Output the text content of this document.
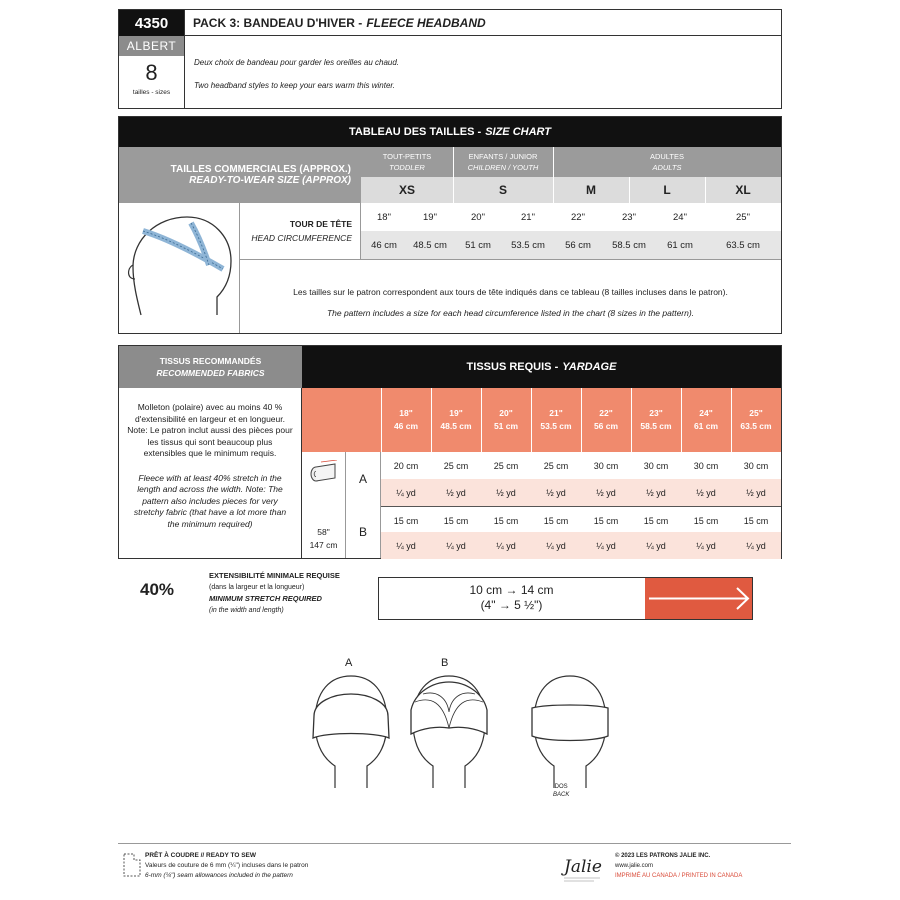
4350
ALBERT
8
tailles - sizes
PACK 3: BANDEAU D'HIVER - FLEECE HEADBAND
Deux choix de bandeau pour garder les oreilles au chaud.
Two headband styles to keep your ears warm this winter.
TABLEAU DES TAILLES - SIZE CHART
TAILLES COMMERCIALES (APPROX.)
READY-TO-WEAR SIZE (APPROX)
TOUT-PETITS
TODDLER
ENFANTS / JUNIOR
CHILDREN / YOUTH
ADULTES
ADULTS
XS	S	M	L	XL
TOUR DE TÊTE
HEAD CIRCUMFERENCE
18"	19"	20"	21"	22"	23"	24"	25"
46 cm	48.5 cm	51 cm	53.5 cm	56 cm	58.5 cm	61 cm	63.5 cm
Les tailles sur le patron correspondent aux tours de tête indiqués dans ce tableau (8 tailles incluses dans le patron).
The pattern includes a size for each head circumference listed in the chart (8 sizes in the pattern).
TISSUS RECOMMANDÉS
RECOMMENDED FABRICS
Molleton (polaire) avec au moins 40 % d'extensibilité en largeur et en longueur. Note: Le patron inclut aussi des pièces pour les tissus qui sont beaucoup plus extensibles que le minimum requis.
Fleece with at least 40% stretch in the length and across the width. Note: The pattern also includes pieces for very stretchy fabric (that have a lot more than the minimum required)
TISSUS REQUIS - YARDAGE
18"
46 cm
19"
48.5 cm
20"
51 cm
21"
53.5 cm
22"
56 cm
23"
58.5 cm
24"
61 cm
25"
63.5 cm
58"
147 cm
A
B
20 cm	25 cm	25 cm	25 cm	30 cm	30 cm	30 cm	30 cm
¼ yd	½ yd	½ yd	½ yd	½ yd	½ yd	½ yd	½ yd
15 cm	15 cm	15 cm	15 cm	15 cm	15 cm	15 cm	15 cm
¼ yd	¼ yd	¼ yd	¼ yd	¼ yd	¼ yd	¼ yd	¼ yd
40%
EXTENSIBILITÉ MINIMALE REQUISE
(dans la largeur et la longueur)
MINIMUM STRETCH REQUIRED
(in the width and length)
10 cm → 14 cm
(4" → 5 ½")
A	B
DOS
BACK
PRÊT À COUDRE // READY TO SEW
Valeurs de couture de 6 mm (¼") incluses dans le patron
6-mm (¼") seam allowances included in the pattern	Jalie
© 2023 LES PATRONS JALIE INC.
www.jalie.com
IMPRIMÉ AU CANADA / PRINTED IN CANADA
